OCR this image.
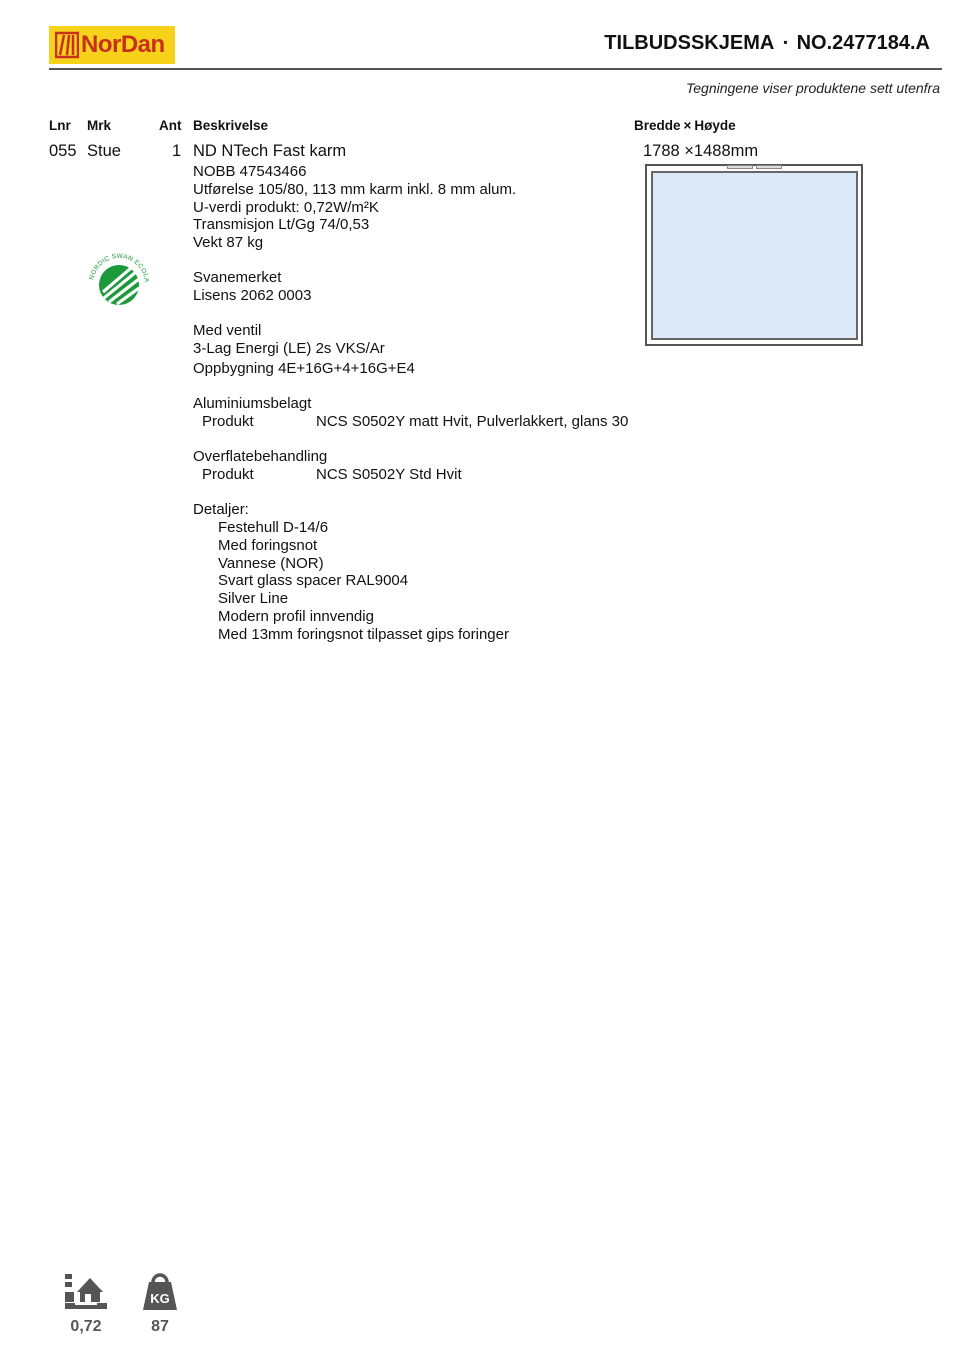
NorDan	TILBUDSSKJEMA ▪ NO.2477184.A
Tegningene viser produktene sett utenfra
Lnr Mrk	Ant Beskrivelse	Bredde × Høyde
055 Stue	1 ND NTech Fast karm	1788 ×1488mm
NOBB 47543466
Utførelse 105/80, 113 mm karm inkl. 8 mm alum.
U-verdi produkt: 0,72W/m²K
Transmisjon Lt/Gg 74/0,53
Vekt 87 kg
NORDIC SWAN ECOLA	Svanemerket
Lisens 2062 0003
Med ventil
3-Lag Energi (LE) 2s VKS/Ar
Oppbygning 4E+16G+4+16G+E4
Aluminiumsbelagt
Produkt	NCS S0502Y matt Hvit, Pulverlakkert, glans 30
Overflatebehandling
Produkt	NCS S0502Y Std Hvit
Detaljer:
Festehull D-14/6
Med foringsnot
Vannese (NOR)
Svart glass spacer RAL9004
Silver Line
Modern profil innvendig
Med 13mm foringsnot tilpasset gips foringer
0,72
KG
87
